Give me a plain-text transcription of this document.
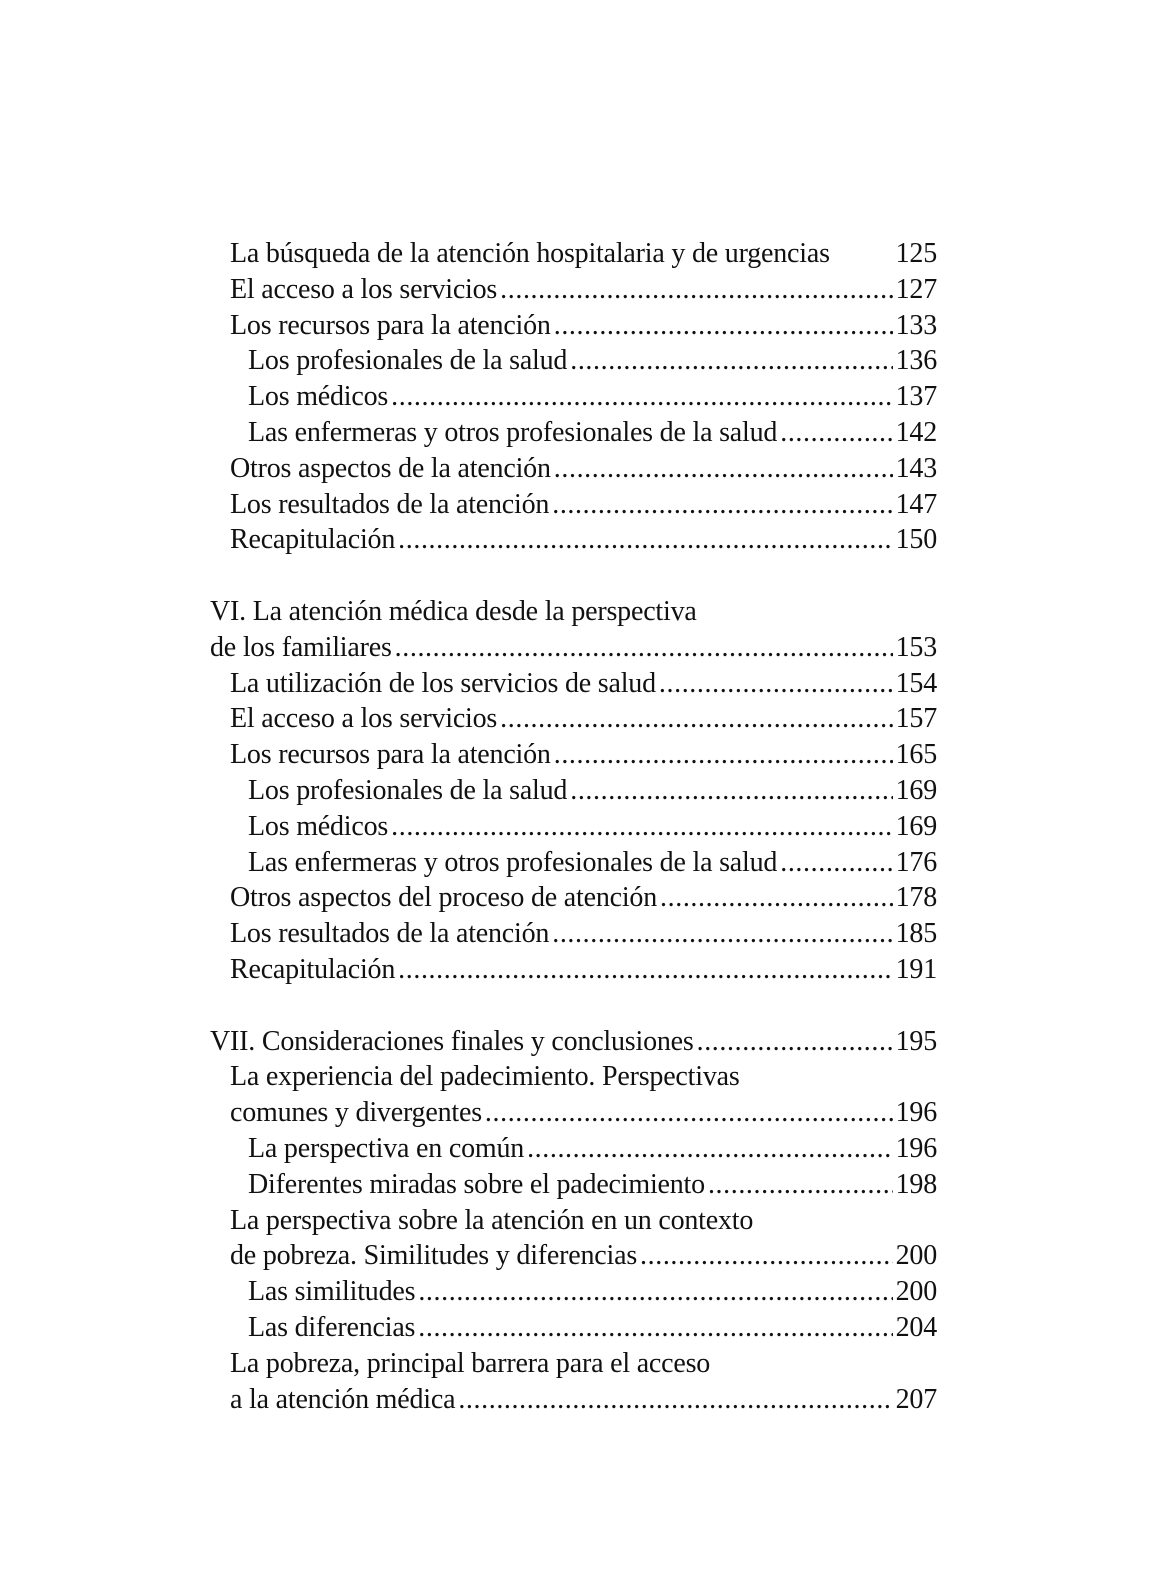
La búsqueda de la atención hospitalaria y de urgencias 125
El acceso a los servicios .....	127
Los recursos para la atención .....	133
Los profesionales de la salud .....	136
Los médicos .....	137
Las enfermeras y otros profesionales de la salud .....	142
Otros aspectos de la atención .....	143
Los resultados de la atención .....	147
Recapitulación .....	150
VI. La atención médica desde la perspectiva
de los familiares .....	153
La utilización de los servicios de salud .....	154
El acceso a los servicios .....	157
Los recursos para la atención .....	165
Los profesionales de la salud .....	169
Los médicos .....	169
Las enfermeras y otros profesionales de la salud .....	176
Otros aspectos del proceso de atención .....	178
Los resultados de la atención .....	185
Recapitulación .....	191
VII. Consideraciones finales y conclusiones .....	195
La experiencia del padecimiento. Perspectivas
comunes y divergentes .....	196
La perspectiva en común .....	196
Diferentes miradas sobre el padecimiento .....	198
La perspectiva sobre la atención en un contexto
de pobreza. Similitudes y diferencias .....	200
Las similitudes .....	200
Las diferencias .....	204
La pobreza, principal barrera para el acceso
a la atención médica .....	207
